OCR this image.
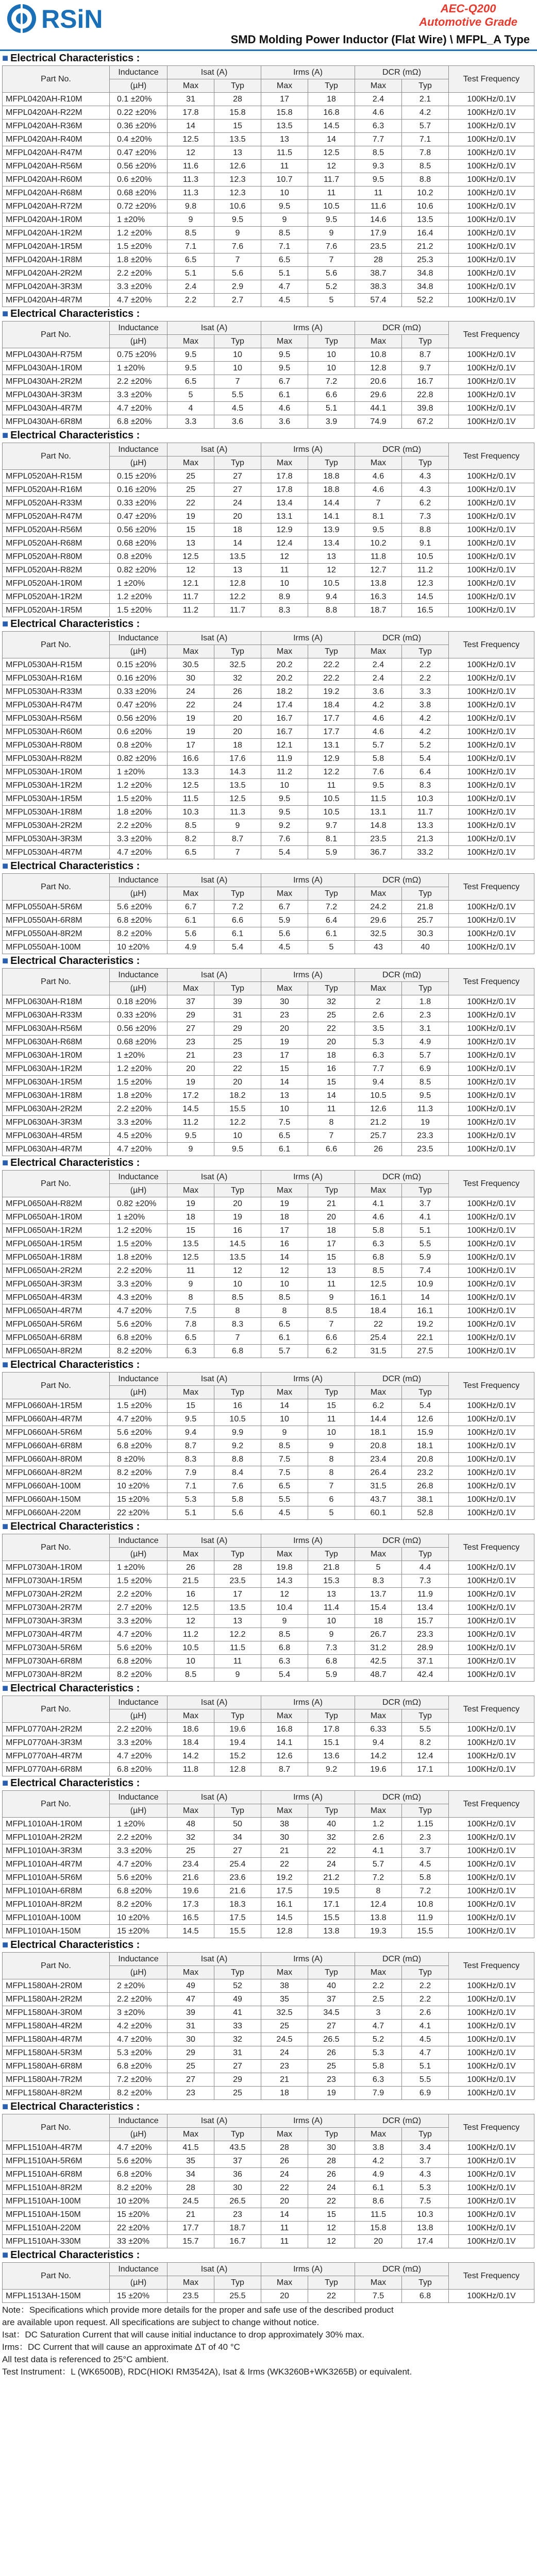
RSiN	AEC-Q200
Automotive Grade
SMD Molding Power Inductor (Flat Wire) \ MFPL_A Type
■ Electrical Characteristics :
Part No.	Inductance	Isat (A)		Irms (A)		DCR (mΩ)		Test Frequency
	(µH)	Max	Typ	Max	Typ	Max	Typ	
MFPL0420AH-R10M	0.1 ±20%	31	28	17	18	2.4	2.1	100KHz/0.1V
MFPL0420AH-R22M	0.22 ±20%	17.8	15.8	15.8	16.8	4.6	4.2	100KHz/0.1V
MFPL0420AH-R36M	0.36 ±20%	14	15	13.5	14.5	6.3	5.7	100KHz/0.1V
MFPL0420AH-R40M	0.4 ±20%	12.5	13.5	13	14	7.7	7.1	100KHz/0.1V
MFPL0420AH-R47M	0.47 ±20%	12	13	11.5	12.5	8.5	7.8	100KHz/0.1V
MFPL0420AH-R56M	0.56 ±20%	11.6	12.6	11	12	9.3	8.5	100KHz/0.1V
MFPL0420AH-R60M	0.6 ±20%	11.3	12.3	10.7	11.7	9.5	8.8	100KHz/0.1V
MFPL0420AH-R68M	0.68 ±20%	11.3	12.3	10	11	11	10.2	100KHz/0.1V
MFPL0420AH-R72M	0.72 ±20%	9.8	10.6	9.5	10.5	11.6	10.6	100KHz/0.1V
MFPL0420AH-1R0M	1 ±20%	9	9.5	9	9.5	14.6	13.5	100KHz/0.1V
MFPL0420AH-1R2M	1.2 ±20%	8.5	9	8.5	9	17.9	16.4	100KHz/0.1V
MFPL0420AH-1R5M	1.5 ±20%	7.1	7.6	7.1	7.6	23.5	21.2	100KHz/0.1V
MFPL0420AH-1R8M	1.8 ±20%	6.5	7	6.5	7	28	25.3	100KHz/0.1V
MFPL0420AH-2R2M	2.2 ±20%	5.1	5.6	5.1	5.6	38.7	34.8	100KHz/0.1V
MFPL0420AH-3R3M	3.3 ±20%	2.4	2.9	4.7	5.2	38.3	34.8	100KHz/0.1V
MFPL0420AH-4R7M	4.7 ±20%	2.2	2.7	4.5	5	57.4	52.2	100KHz/0.1V
■ Electrical Characteristics :
Part No.	Inductance	Isat (A)		Irms (A)		DCR (mΩ)		Test Frequency
	(µH)	Max	Typ	Max	Typ	Max	Typ	
MFPL0430AH-R75M	0.75 ±20%	9.5	10	9.5	10	10.8	8.7	100KHz/0.1V
MFPL0430AH-1R0M	1 ±20%	9.5	10	9.5	10	12.8	9.7	100KHz/0.1V
MFPL0430AH-2R2M	2.2 ±20%	6.5	7	6.7	7.2	20.6	16.7	100KHz/0.1V
MFPL0430AH-3R3M	3.3 ±20%	5	5.5	6.1	6.6	29.6	22.8	100KHz/0.1V
MFPL0430AH-4R7M	4.7 ±20%	4	4.5	4.6	5.1	44.1	39.8	100KHz/0.1V
MFPL0430AH-6R8M	6.8 ±20%	3.3	3.6	3.6	3.9	74.9	67.2	100KHz/0.1V
■ Electrical Characteristics :
Part No.	Inductance	Isat (A)		Irms (A)		DCR (mΩ)		Test Frequency
	(µH)	Max	Typ	Max	Typ	Max	Typ	
MFPL0520AH-R15M	0.15 ±20%	25	27	17.8	18.8	4.6	4.3	100KHz/0.1V
MFPL0520AH-R16M	0.16 ±20%	25	27	17.8	18.8	4.6	4.3	100KHz/0.1V
MFPL0520AH-R33M	0.33 ±20%	22	24	13.4	14.4	7	6.2	100KHz/0.1V
MFPL0520AH-R47M	0.47 ±20%	19	20	13.1	14.1	8.1	7.3	100KHz/0.1V
MFPL0520AH-R56M	0.56 ±20%	15	18	12.9	13.9	9.5	8.8	100KHz/0.1V
MFPL0520AH-R68M	0.68 ±20%	13	14	12.4	13.4	10.2	9.1	100KHz/0.1V
MFPL0520AH-R80M	0.8 ±20%	12.5	13.5	12	13	11.8	10.5	100KHz/0.1V
MFPL0520AH-R82M	0.82 ±20%	12	13	11	12	12.7	11.2	100KHz/0.1V
MFPL0520AH-1R0M	1 ±20%	12.1	12.8	10	10.5	13.8	12.3	100KHz/0.1V
MFPL0520AH-1R2M	1.2 ±20%	11.7	12.2	8.9	9.4	16.3	14.5	100KHz/0.1V
MFPL0520AH-1R5M	1.5 ±20%	11.2	11.7	8.3	8.8	18.7	16.5	100KHz/0.1V
■ Electrical Characteristics :
Part No.	Inductance	Isat (A)		Irms (A)		DCR (mΩ)		Test Frequency
	(µH)	Max	Typ	Max	Typ	Max	Typ	
MFPL0530AH-R15M	0.15 ±20%	30.5	32.5	20.2	22.2	2.4	2.2	100KHz/0.1V
MFPL0530AH-R16M	0.16 ±20%	30	32	20.2	22.2	2.4	2.2	100KHz/0.1V
MFPL0530AH-R33M	0.33 ±20%	24	26	18.2	19.2	3.6	3.3	100KHz/0.1V
MFPL0530AH-R47M	0.47 ±20%	22	24	17.4	18.4	4.2	3.8	100KHz/0.1V
MFPL0530AH-R56M	0.56 ±20%	19	20	16.7	17.7	4.6	4.2	100KHz/0.1V
MFPL0530AH-R60M	0.6 ±20%	19	20	16.7	17.7	4.6	4.2	100KHz/0.1V
MFPL0530AH-R80M	0.8 ±20%	17	18	12.1	13.1	5.7	5.2	100KHz/0.1V
MFPL0530AH-R82M	0.82 ±20%	16.6	17.6	11.9	12.9	5.8	5.4	100KHz/0.1V
MFPL0530AH-1R0M	1 ±20%	13.3	14.3	11.2	12.2	7.6	6.4	100KHz/0.1V
MFPL0530AH-1R2M	1.2 ±20%	12.5	13.5	10	11	9.5	8.3	100KHz/0.1V
MFPL0530AH-1R5M	1.5 ±20%	11.5	12.5	9.5	10.5	11.5	10.3	100KHz/0.1V
MFPL0530AH-1R8M	1.8 ±20%	10.3	11.3	9.5	10.5	13.1	11.7	100KHz/0.1V
MFPL0530AH-2R2M	2.2 ±20%	8.5	9	9.2	9.7	14.8	13.3	100KHz/0.1V
MFPL0530AH-3R3M	3.3 ±20%	8.2	8.7	7.6	8.1	23.5	21.3	100KHz/0.1V
MFPL0530AH-4R7M	4.7 ±20%	6.5	7	5.4	5.9	36.7	33.2	100KHz/0.1V
■ Electrical Characteristics :
Part No.	Inductance	Isat (A)		Irms (A)		DCR (mΩ)		Test Frequency
	(µH)	Max	Typ	Max	Typ	Max	Typ	
MFPL0550AH-5R6M	5.6 ±20%	6.7	7.2	6.7	7.2	24.2	21.8	100KHz/0.1V
MFPL0550AH-6R8M	6.8 ±20%	6.1	6.6	5.9	6.4	29.6	25.7	100KHz/0.1V
MFPL0550AH-8R2M	8.2 ±20%	5.6	6.1	5.6	6.1	32.5	30.3	100KHz/0.1V
MFPL0550AH-100M	10 ±20%	4.9	5.4	4.5	5	43	40	100KHz/0.1V
■ Electrical Characteristics :
Part No.	Inductance	Isat (A)		Irms (A)		DCR (mΩ)		Test Frequency
	(µH)	Max	Typ	Max	Typ	Max	Typ	
MFPL0630AH-R18M	0.18 ±20%	37	39	30	32	2	1.8	100KHz/0.1V
MFPL0630AH-R33M	0.33 ±20%	29	31	23	25	2.6	2.3	100KHz/0.1V
MFPL0630AH-R56M	0.56 ±20%	27	29	20	22	3.5	3.1	100KHz/0.1V
MFPL0630AH-R68M	0.68 ±20%	23	25	19	20	5.3	4.9	100KHz/0.1V
MFPL0630AH-1R0M	1 ±20%	21	23	17	18	6.3	5.7	100KHz/0.1V
MFPL0630AH-1R2M	1.2 ±20%	20	22	15	16	7.7	6.9	100KHz/0.1V
MFPL0630AH-1R5M	1.5 ±20%	19	20	14	15	9.4	8.5	100KHz/0.1V
MFPL0630AH-1R8M	1.8 ±20%	17.2	18.2	13	14	10.5	9.5	100KHz/0.1V
MFPL0630AH-2R2M	2.2 ±20%	14.5	15.5	10	11	12.6	11.3	100KHz/0.1V
MFPL0630AH-3R3M	3.3 ±20%	11.2	12.2	7.5	8	21.2	19	100KHz/0.1V
MFPL0630AH-4R5M	4.5 ±20%	9.5	10	6.5	7	25.7	23.3	100KHz/0.1V
MFPL0630AH-4R7M	4.7 ±20%	9	9.5	6.1	6.6	26	23.5	100KHz/0.1V
■ Electrical Characteristics :
Part No.	Inductance	Isat (A)		Irms (A)		DCR (mΩ)		Test Frequency
	(µH)	Max	Typ	Max	Typ	Max	Typ	
MFPL0650AH-R82M	0.82 ±20%	19	20	19	21	4.1	3.7	100KHz/0.1V
MFPL0650AH-1R0M	1 ±20%	18	19	18	20	4.6	4.1	100KHz/0.1V
MFPL0650AH-1R2M	1.2 ±20%	15	16	17	18	5.8	5.1	100KHz/0.1V
MFPL0650AH-1R5M	1.5 ±20%	13.5	14.5	16	17	6.3	5.5	100KHz/0.1V
MFPL0650AH-1R8M	1.8 ±20%	12.5	13.5	14	15	6.8	5.9	100KHz/0.1V
MFPL0650AH-2R2M	2.2 ±20%	11	12	12	13	8.5	7.4	100KHz/0.1V
MFPL0650AH-3R3M	3.3 ±20%	9	10	10	11	12.5	10.9	100KHz/0.1V
MFPL0650AH-4R3M	4.3 ±20%	8	8.5	8.5	9	16.1	14	100KHz/0.1V
MFPL0650AH-4R7M	4.7 ±20%	7.5	8	8	8.5	18.4	16.1	100KHz/0.1V
MFPL0650AH-5R6M	5.6 ±20%	7.8	8.3	6.5	7	22	19.2	100KHz/0.1V
MFPL0650AH-6R8M	6.8 ±20%	6.5	7	6.1	6.6	25.4	22.1	100KHz/0.1V
MFPL0650AH-8R2M	8.2 ±20%	6.3	6.8	5.7	6.2	31.5	27.5	100KHz/0.1V
■ Electrical Characteristics :
Part No.	Inductance	Isat (A)		Irms (A)		DCR (mΩ)		Test Frequency
	(µH)	Max	Typ	Max	Typ	Max	Typ	
MFPL0660AH-1R5M	1.5 ±20%	15	16	14	15	6.2	5.4	100KHz/0.1V
MFPL0660AH-4R7M	4.7 ±20%	9.5	10.5	10	11	14.4	12.6	100KHz/0.1V
MFPL0660AH-5R6M	5.6 ±20%	9.4	9.9	9	10	18.1	15.9	100KHz/0.1V
MFPL0660AH-6R8M	6.8 ±20%	8.7	9.2	8.5	9	20.8	18.1	100KHz/0.1V
MFPL0660AH-8R0M	8 ±20%	8.3	8.8	7.5	8	23.4	20.8	100KHz/0.1V
MFPL0660AH-8R2M	8.2 ±20%	7.9	8.4	7.5	8	26.4	23.2	100KHz/0.1V
MFPL0660AH-100M	10 ±20%	7.1	7.6	6.5	7	31.5	26.8	100KHz/0.1V
MFPL0660AH-150M	15 ±20%	5.3	5.8	5.5	6	43.7	38.1	100KHz/0.1V
MFPL0660AH-220M	22 ±20%	5.1	5.6	4.5	5	60.1	52.8	100KHz/0.1V
■ Electrical Characteristics :
Part No.	Inductance	Isat (A)		Irms (A)		DCR (mΩ)		Test Frequency
	(µH)	Max	Typ	Max	Typ	Max	Typ	
MFPL0730AH-1R0M	1 ±20%	26	28	19.8	21.8	5	4.4	100KHz/0.1V
MFPL0730AH-1R5M	1.5 ±20%	21.5	23.5	14.3	15.3	8.3	7.3	100KHz/0.1V
MFPL0730AH-2R2M	2.2 ±20%	16	17	12	13	13.7	11.9	100KHz/0.1V
MFPL0730AH-2R7M	2.7 ±20%	12.5	13.5	10.4	11.4	15.4	13.4	100KHz/0.1V
MFPL0730AH-3R3M	3.3 ±20%	12	13	9	10	18	15.7	100KHz/0.1V
MFPL0730AH-4R7M	4.7 ±20%	11.2	12.2	8.5	9	26.7	23.3	100KHz/0.1V
MFPL0730AH-5R6M	5.6 ±20%	10.5	11.5	6.8	7.3	31.2	28.9	100KHz/0.1V
MFPL0730AH-6R8M	6.8 ±20%	10	11	6.3	6.8	42.5	37.1	100KHz/0.1V
MFPL0730AH-8R2M	8.2 ±20%	8.5	9	5.4	5.9	48.7	42.4	100KHz/0.1V
■ Electrical Characteristics :
Part No.	Inductance	Isat (A)		Irms (A)		DCR (mΩ)		Test Frequency
	(µH)	Max	Typ	Max	Typ	Max	Typ	
MFPL0770AH-2R2M	2.2 ±20%	18.6	19.6	16.8	17.8	6.33	5.5	100KHz/0.1V
MFPL0770AH-3R3M	3.3 ±20%	18.4	19.4	14.1	15.1	9.4	8.2	100KHz/0.1V
MFPL0770AH-4R7M	4.7 ±20%	14.2	15.2	12.6	13.6	14.2	12.4	100KHz/0.1V
MFPL0770AH-6R8M	6.8 ±20%	11.8	12.8	8.7	9.2	19.6	17.1	100KHz/0.1V
■ Electrical Characteristics :
Part No.	Inductance	Isat (A)		Irms (A)		DCR (mΩ)		Test Frequency
	(µH)	Max	Typ	Max	Typ	Max	Typ	
MFPL1010AH-1R0M	1 ±20%	48	50	38	40	1.2	1.15	100KHz/0.1V
MFPL1010AH-2R2M	2.2 ±20%	32	34	30	32	2.6	2.3	100KHz/0.1V
MFPL1010AH-3R3M	3.3 ±20%	25	27	21	22	4.1	3.7	100KHz/0.1V
MFPL1010AH-4R7M	4.7 ±20%	23.4	25.4	22	24	5.7	4.5	100KHz/0.1V
MFPL1010AH-5R6M	5.6 ±20%	21.6	23.6	19.2	21.2	7.2	5.8	100KHz/0.1V
MFPL1010AH-6R8M	6.8 ±20%	19.6	21.6	17.5	19.5	8	7.2	100KHz/0.1V
MFPL1010AH-8R2M	8.2 ±20%	17.3	18.3	16.1	17.1	12.4	10.8	100KHz/0.1V
MFPL1010AH-100M	10 ±20%	16.5	17.5	14.5	15.5	13.8	11.9	100KHz/0.1V
MFPL1010AH-150M	15 ±20%	14.5	15.5	12.8	13.8	19.3	15.5	100KHz/0.1V
■ Electrical Characteristics :
Part No.	Inductance	Isat (A)		Irms (A)		DCR (mΩ)		Test Frequency
	(µH)	Max	Typ	Max	Typ	Max	Typ	
MFPL1580AH-2R0M	2 ±20%	49	52	38	40	2.2	2.2	100KHz/0.1V
MFPL1580AH-2R2M	2.2 ±20%	47	49	35	37	2.5	2.2	100KHz/0.1V
MFPL1580AH-3R0M	3 ±20%	39	41	32.5	34.5	3	2.6	100KHz/0.1V
MFPL1580AH-4R2M	4.2 ±20%	31	33	25	27	4.7	4.1	100KHz/0.1V
MFPL1580AH-4R7M	4.7 ±20%	30	32	24.5	26.5	5.2	4.5	100KHz/0.1V
MFPL1580AH-5R3M	5.3 ±20%	29	31	24	26	5.3	4.7	100KHz/0.1V
MFPL1580AH-6R8M	6.8 ±20%	25	27	23	25	5.8	5.1	100KHz/0.1V
MFPL1580AH-7R2M	7.2 ±20%	27	29	21	23	6.3	5.5	100KHz/0.1V
MFPL1580AH-8R2M	8.2 ±20%	23	25	18	19	7.9	6.9	100KHz/0.1V
■ Electrical Characteristics :
Part No.	Inductance	Isat (A)		Irms (A)		DCR (mΩ)		Test Frequency
	(µH)	Max	Typ	Max	Typ	Max	Typ	
MFPL1510AH-4R7M	4.7 ±20%	41.5	43.5	28	30	3.8	3.4	100KHz/0.1V
MFPL1510AH-5R6M	5.6 ±20%	35	37	26	28	4.2	3.7	100KHz/0.1V
MFPL1510AH-6R8M	6.8 ±20%	34	36	24	26	4.9	4.3	100KHz/0.1V
MFPL1510AH-8R2M	8.2 ±20%	28	30	22	24	6.1	5.3	100KHz/0.1V
MFPL1510AH-100M	10 ±20%	24.5	26.5	20	22	8.6	7.5	100KHz/0.1V
MFPL1510AH-150M	15 ±20%	21	23	14	15	11.5	10.3	100KHz/0.1V
MFPL1510AH-220M	22 ±20%	17.7	18.7	11	12	15.8	13.8	100KHz/0.1V
MFPL1510AH-330M	33 ±20%	15.7	16.7	11	12	20	17.4	100KHz/0.1V
■ Electrical Characteristics :
Part No.	Inductance	Isat (A)		Irms (A)		DCR (mΩ)		Test Frequency
	(µH)	Max	Typ	Max	Typ	Max	Typ	
MFPL1513AH-150M	15 ±20%	23.5	25.5	20	22	7.5	6.8	100KHz/0.1V
Note：Specifications which provide more details for the proper and safe use of the described product
are available upon request. All specifications are subject to change without notice.
Isat：DC Saturation Current that will cause initial inductance to drop approximately 30% max.
Irms：DC Current that will cause an approximate ΔT of 40 °C
All test data is referenced to 25°C ambient.
Test Instrument：L (WK6500B), RDC(HIOKI RM3542A), Isat & Irms (WK3260B+WK3265B) or equivalent.
